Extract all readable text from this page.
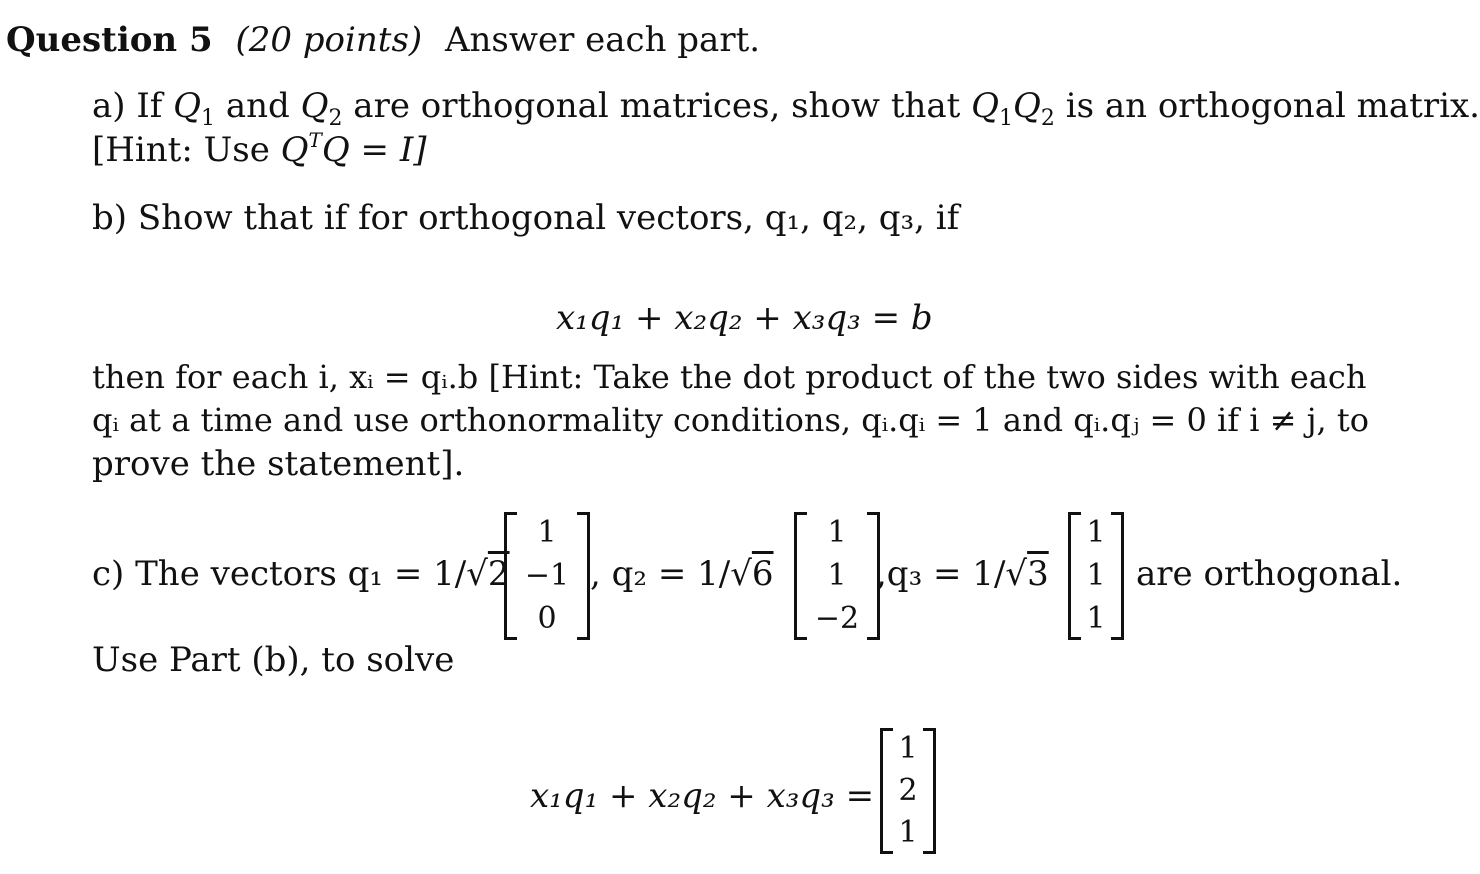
Question 5 (20 points) Answer each part.
a) If $Q_1$ and $Q_2$ are orthogonal matrices, show that $Q_1Q_2$ is an orthogonal matrix.
[Hint: Use $Q^TQ = I$]
b) Show that if for orthogonal vectors, q₁, q₂, q₃, if
x₁q₁ + x₂q₂ + x₃q₃ = b
then for each i, xᵢ = qᵢ.b [Hint: Take the dot product of the two sides with each
qᵢ at a time and use orthonormality conditions, qᵢ.qᵢ = 1 and qᵢ.qⱼ = 0 if i ≠ j, to
prove the statement].
c) The vectors q₁ = 1/√2
1
−1
0
, q₂ = 1/√6
1
1
−2
,q₃ = 1/√3
1
1
1
are orthogonal.
Use Part (b), to solve
x₁q₁ + x₂q₂ + x₃q₃ =
1
2
1
